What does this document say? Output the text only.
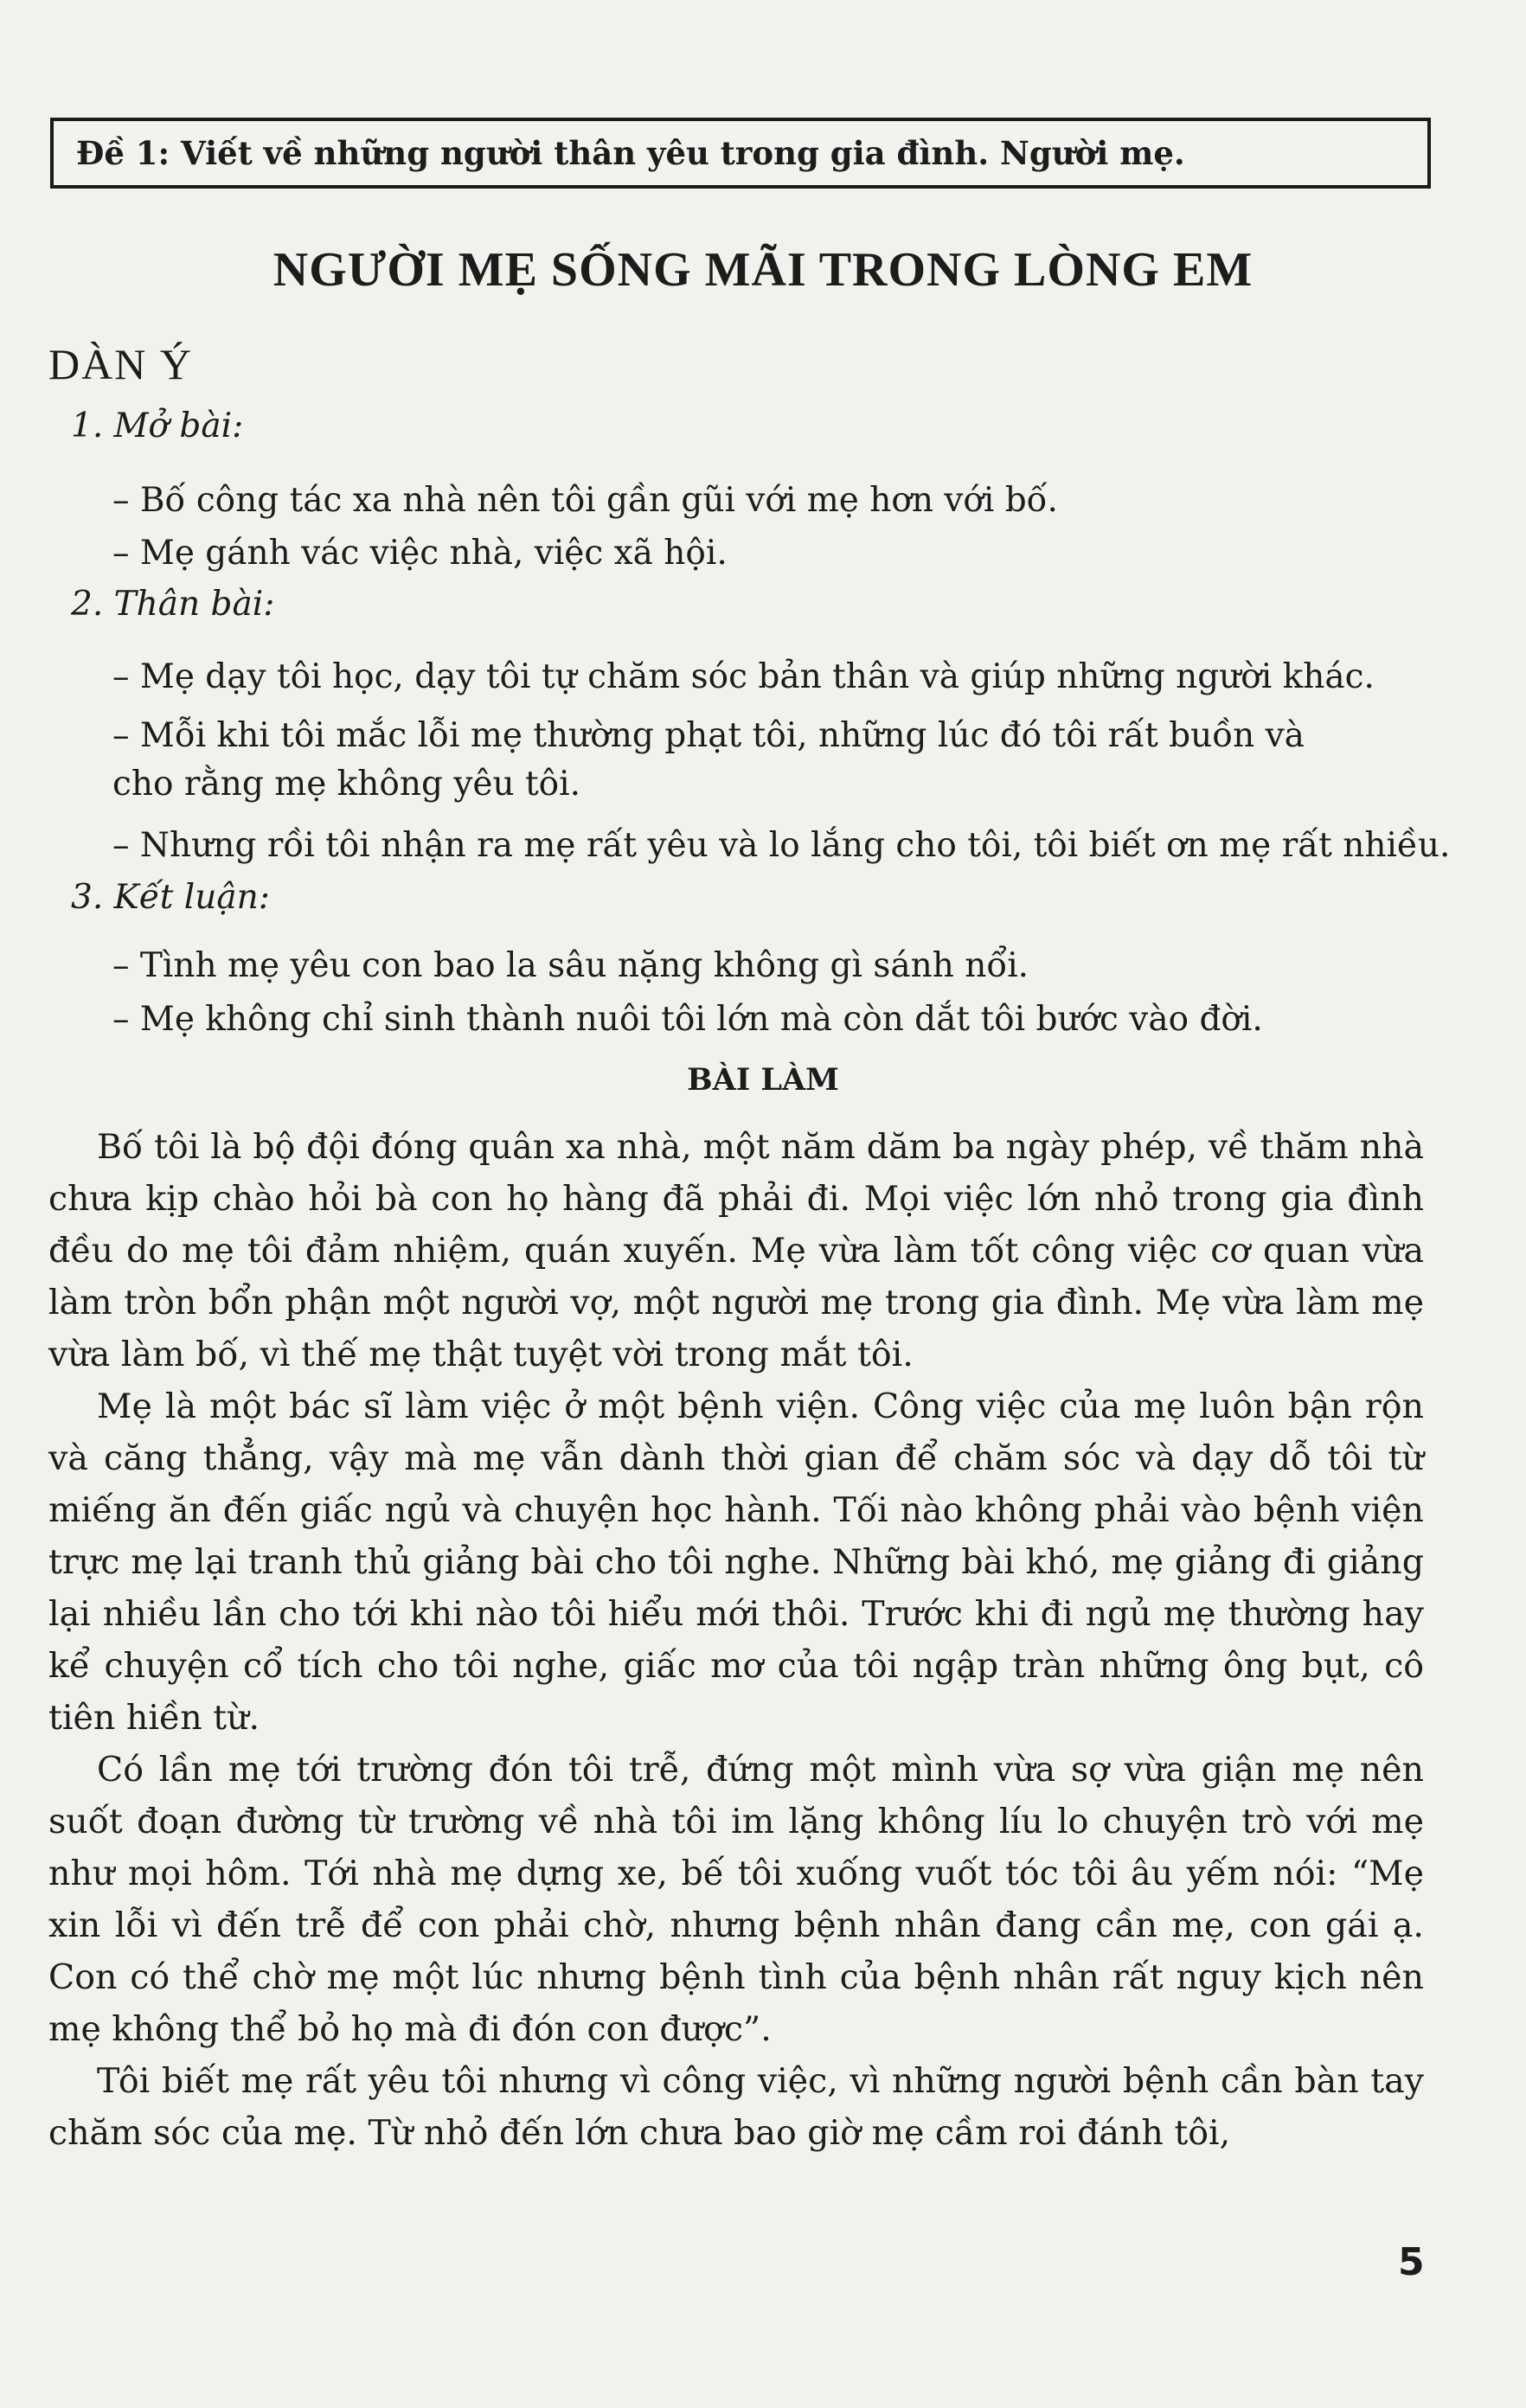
Đề 1: Viết về những người thân yêu trong gia đình. Người mẹ.
NGƯỜI MẸ SỐNG MÃI TRONG LÒNG EM
DÀN Ý
1. Mở bài:
– Bố công tác xa nhà nên tôi gần gũi với mẹ hơn với bố.
– Mẹ gánh vác việc nhà, việc xã hội.
2. Thân bài:
– Mẹ dạy tôi học, dạy tôi tự chăm sóc bản thân và giúp những người khác.
– Mỗi khi tôi mắc lỗi mẹ thường phạt tôi, những lúc đó tôi rất buồn và
cho rằng mẹ không yêu tôi.
– Nhưng rồi tôi nhận ra mẹ rất yêu và lo lắng cho tôi, tôi biết ơn mẹ rất nhiều.
3. Kết luận:
– Tình mẹ yêu con bao la sâu nặng không gì sánh nổi.
– Mẹ không chỉ sinh thành nuôi tôi lớn mà còn dắt tôi bước vào đời.
BÀI LÀM

Bố tôi là bộ đội đóng quân xa nhà, một năm dăm ba ngày phép, về thăm nhà chưa kịp chào hỏi bà con họ hàng đã phải đi. Mọi việc lớn nhỏ trong gia đình đều do mẹ tôi đảm nhiệm, quán xuyến. Mẹ vừa làm tốt công việc cơ quan vừa làm tròn bổn phận một người vợ, một người mẹ trong gia đình. Mẹ vừa làm mẹ vừa làm bố, vì thế mẹ thật tuyệt vời trong mắt tôi.

Mẹ là một bác sĩ làm việc ở một bệnh viện. Công việc của mẹ luôn bận rộn và căng thẳng, vậy mà mẹ vẫn dành thời gian để chăm sóc và dạy dỗ tôi từ miếng ăn đến giấc ngủ và chuyện học hành. Tối nào không phải vào bệnh viện trực mẹ lại tranh thủ giảng bài cho tôi nghe. Những bài khó, mẹ giảng đi giảng lại nhiều lần cho tới khi nào tôi hiểu mới thôi. Trước khi đi ngủ mẹ thường hay kể chuyện cổ tích cho tôi nghe, giấc mơ của tôi ngập tràn những ông bụt, cô tiên hiền từ.

Có lần mẹ tới trường đón tôi trễ, đứng một mình vừa sợ vừa giận mẹ nên suốt đoạn đường từ trường về nhà tôi im lặng không líu lo chuyện trò với mẹ như mọi hôm. Tới nhà mẹ dựng xe, bế tôi xuống vuốt tóc tôi âu yếm nói: “Mẹ xin lỗi vì đến trễ để con phải chờ, nhưng bệnh nhân đang cần mẹ, con gái ạ. Con có thể chờ mẹ một lúc nhưng bệnh tình của bệnh nhân rất nguy kịch nên mẹ không thể bỏ họ mà đi đón con được”.

Tôi biết mẹ rất yêu tôi nhưng vì công việc, vì những người bệnh cần bàn tay chăm sóc của mẹ. Từ nhỏ đến lớn chưa bao giờ mẹ cầm roi đánh tôi,

5
